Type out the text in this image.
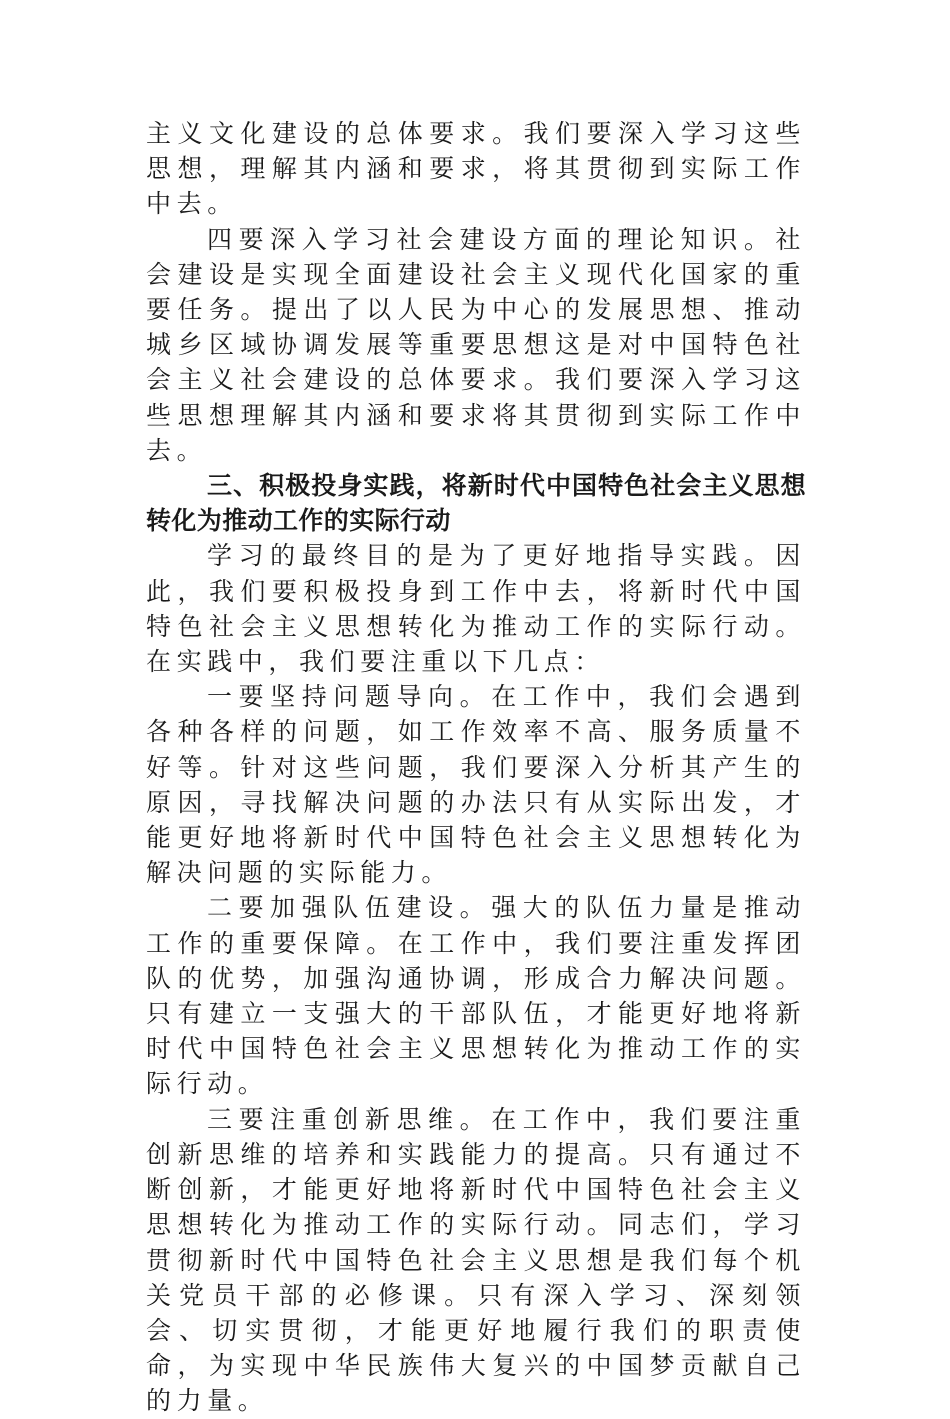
主义文化建设的总体要求。我们要深入学习这些思想，理解其内涵和要求，将其贯彻到实际工作中去。

四要深入学习社会建设方面的理论知识。社会建设是实现全面建设社会主义现代化国家的重要任务。提出了以人民为中心的发展思想、推动城乡区域协调发展等重要思想这是对中国特色社会主义社会建设的总体要求。我们要深入学习这些思想理解其内涵和要求将其贯彻到实际工作中去。

三、积极投身实践，将新时代中国特色社会主义思想转化为推动工作的实际行动

学习的最终目的是为了更好地指导实践。因此，我们要积极投身到工作中去，将新时代中国特色社会主义思想转化为推动工作的实际行动。在实践中，我们要注重以下几点：

一要坚持问题导向。在工作中，我们会遇到各种各样的问题，如工作效率不高、服务质量不好等。针对这些问题，我们要深入分析其产生的原因，寻找解决问题的办法只有从实际出发，才能更好地将新时代中国特色社会主义思想转化为解决问题的实际能力。

二要加强队伍建设。强大的队伍力量是推动工作的重要保障。在工作中，我们要注重发挥团队的优势，加强沟通协调，形成合力解决问题。只有建立一支强大的干部队伍，才能更好地将新时代中国特色社会主义思想转化为推动工作的实际行动。

三要注重创新思维。在工作中，我们要注重创新思维的培养和实践能力的提高。只有通过不断创新，才能更好地将新时代中国特色社会主义思想转化为推动工作的实际行动。同志们，学习贯彻新时代中国特色社会主义思想是我们每个机关党员干部的必修课。只有深入学习、深刻领会、切实贯彻，才能更好地履行我们的职责使命，为实现中华民族伟大复兴的中国梦贡献自己的力量。
